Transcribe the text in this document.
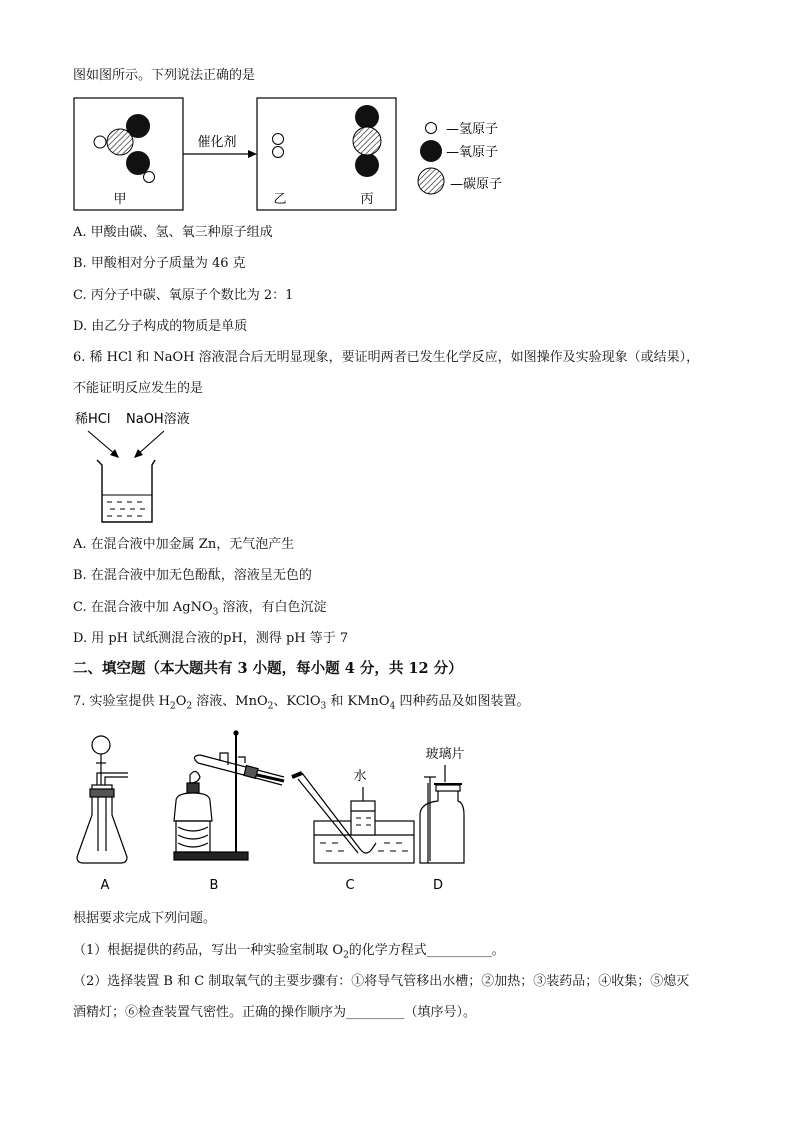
图如图所示。下列说法正确的是
甲
催化剂
乙	丙
—氢原子
—氧原子
—碳原子
A. 甲酸由碳、氢、氧三种原子组成
B. 甲酸相对分子质量为 46 克
C. 丙分子中碳、氧原子个数比为 2：1
D. 由乙分子构成的物质是单质
6. 稀 HCl 和 NaOH 溶液混合后无明显现象，要证明两者已发生化学反应，如图操作及实验现象（或结果），
不能证明反应发生的是
稀HCl NaOH溶液
A. 在混合液中加金属 Zn，无气泡产生
B. 在混合液中加无色酚酞，溶液呈无色的
C. 在混合液中加 AgNO$_3$ 溶液，有白色沉淀
D. 用 pH 试纸测混合液的pH，测得 pH 等于 7
二、填空题（本大题共有 3 小题，每小题 4 分，共 12 分）
7. 实验室提供 $H_2O_2$ 溶液、MnO$_2$、KClO$_3$ 和 KMnO$_4$ 四种药品及如图装置。
A	B
水
C
玻璃片
D
根据要求完成下列问题。
（1）根据提供的药品，写出一种实验室制取 $O_2$的化学方程式__________。
（2）选择装置 B 和 C 制取氧气的主要步骤有：①将导气管移出水槽；②加热；③装药品；④收集；⑤熄灭
酒精灯；⑥检查装置气密性。正确的操作顺序为_________（填序号）。
